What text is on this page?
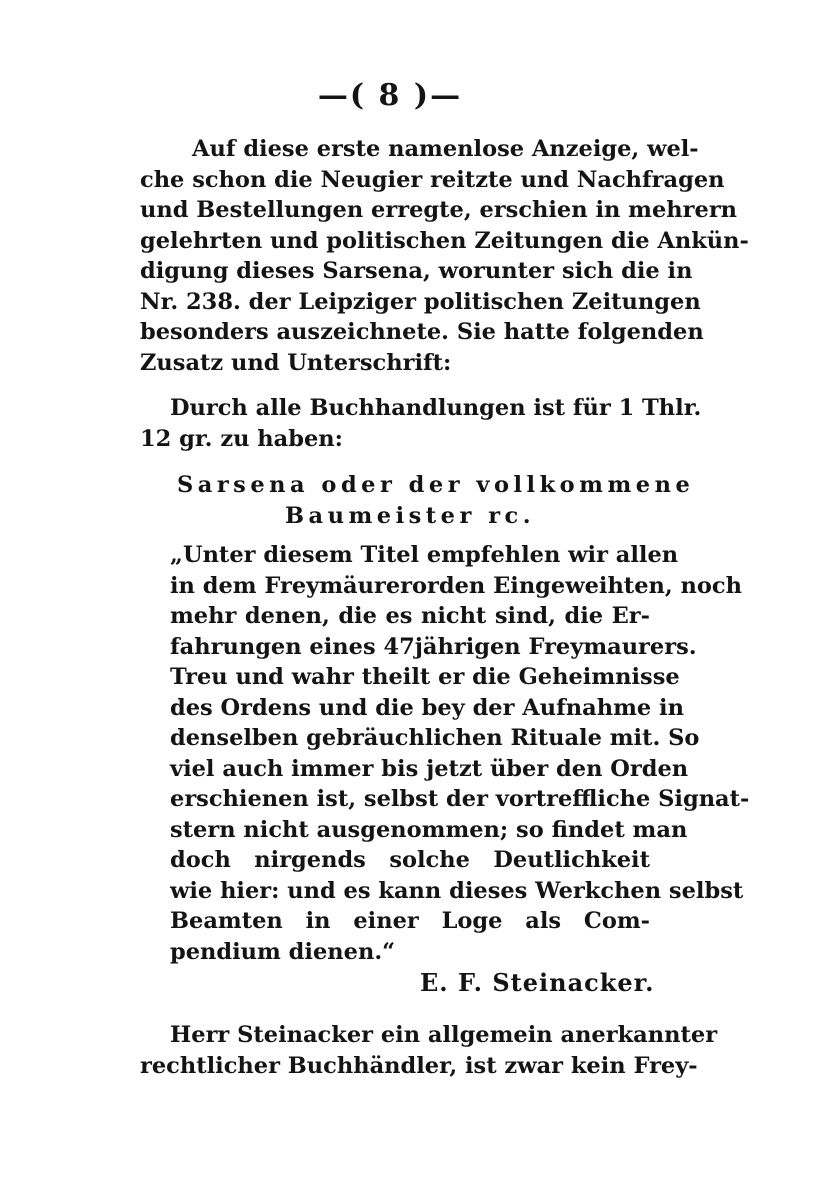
—( 8 )—
Auf diese erste namenlose Anzeige, wel-
che schon die Neugier reitzte und Nachfragen
und Bestellungen erregte, erschien in mehrern
gelehrten und politischen Zeitungen die Ankün-
digung dieses Sarsena, worunter sich die in
Nr. 238. der Leipziger politischen Zeitungen
besonders auszeichnete. Sie hatte folgenden
Zusatz und Unterschrift:
Durch alle Buchhandlungen ist für 1 Thlr.
12 gr. zu haben:
Sarsena oder der vollkommene
Baumeister rc.
„Unter diesem Titel empfehlen wir allen
in dem Freymäurerorden Eingeweihten, noch
mehr denen, die es nicht sind, die Er-
fahrungen eines 47jährigen Freymaurers.
Treu und wahr theilt er die Geheimnisse
des Ordens und die bey der Aufnahme in
denselben gebräuchlichen Rituale mit. So
viel auch immer bis jetzt über den Orden
erschienen ist, selbst der vortreffliche Signat-
stern nicht ausgenommen; so findet man
doch nirgends solche Deutlichkeit
wie hier: und es kann dieses Werkchen selbst
Beamten in einer Loge als Com-
pendium dienen.“
E. F. Steinacker.
Herr Steinacker ein allgemein anerkannter
rechtlicher Buchhändler, ist zwar kein Frey-
